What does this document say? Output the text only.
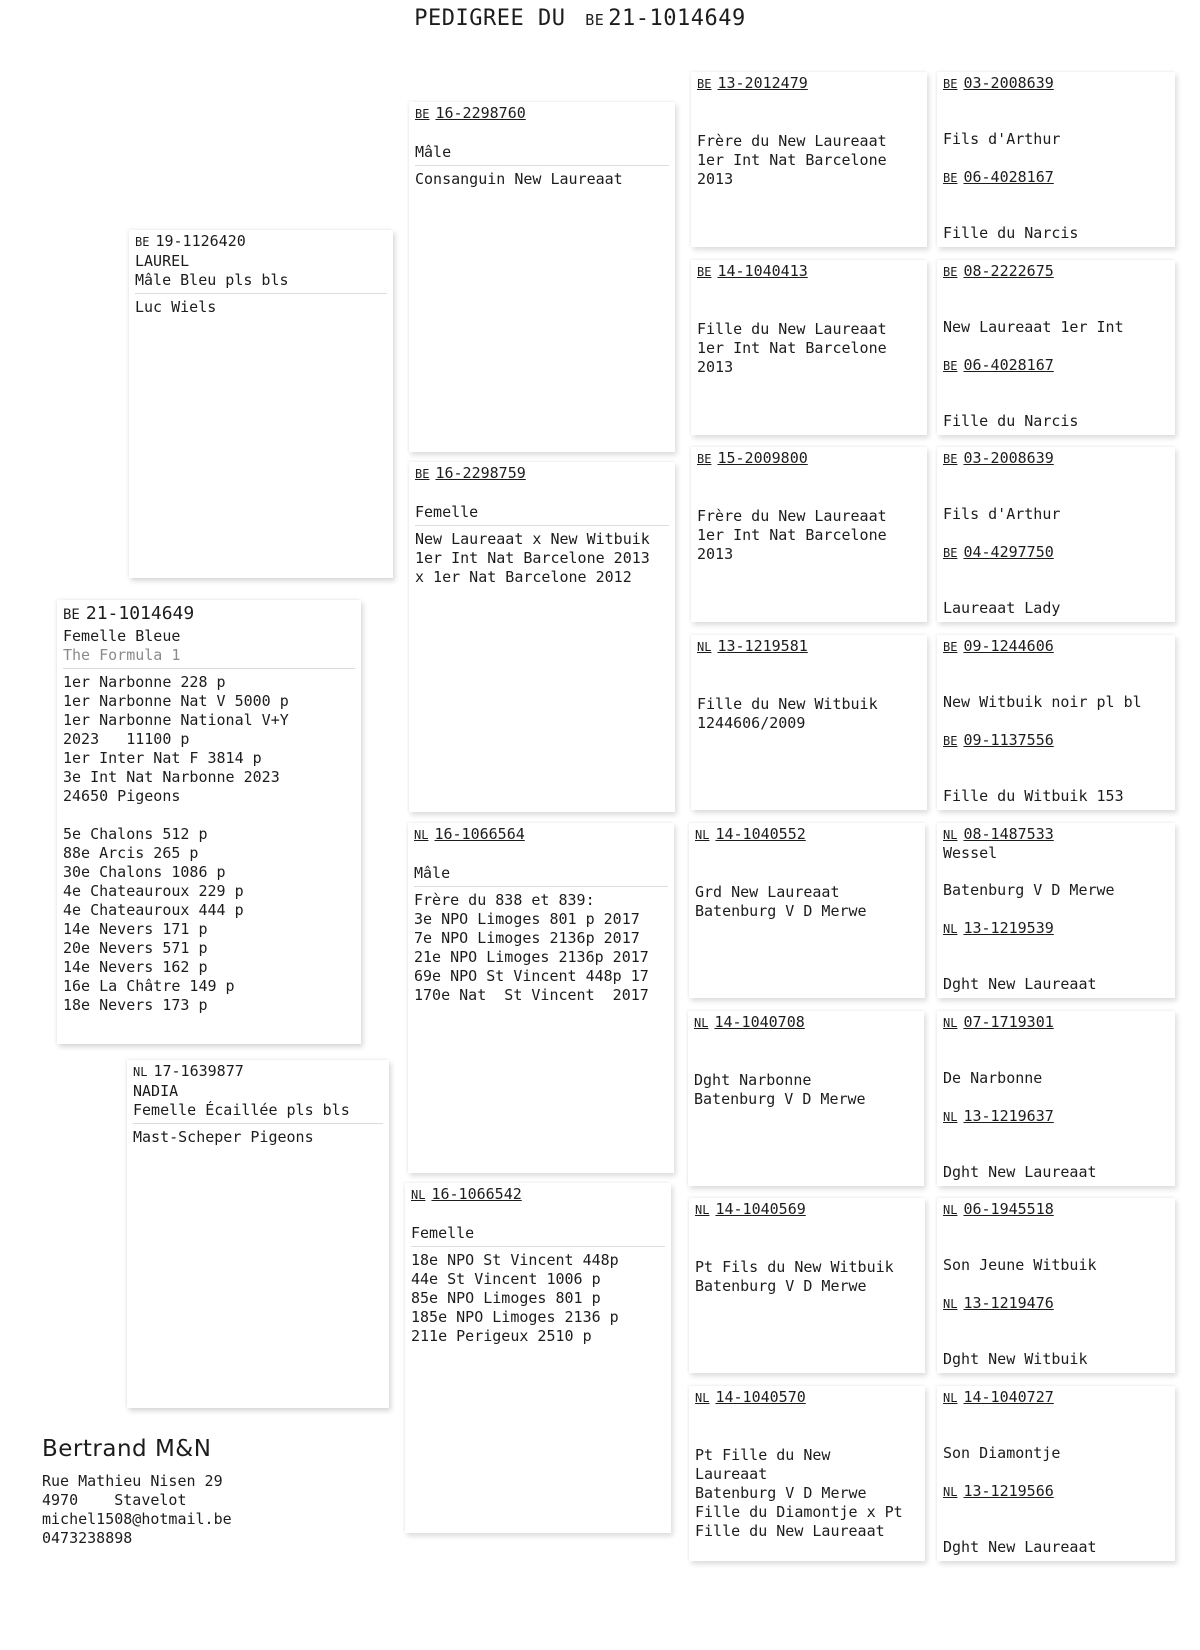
PEDIGREE DU BE 21-1014649
BE 21-1014649
Femelle Bleue
The Formula 1
1er Narbonne 228 p
1er Narbonne Nat V 5000 p
1er Narbonne National V+Y
2023   11100 p
1er Inter Nat F 3814 p
3e Int Nat Narbonne 2023
24650 Pigeons
5e Chalons 512 p
88e Arcis 265 p
30e Chalons 1086 p
4e Chateauroux 229 p
4e Chateauroux 444 p
14e Nevers 171 p
20e Nevers 571 p
14e Nevers 162 p
16e La Châtre 149 p
18e Nevers 173 p
BE 19-1126420
LAUREL
Mâle Bleu pls bls
Luc Wiels
NL 17-1639877
NADIA
Femelle Écaillée pls bls
Mast-Scheper Pigeons
BE 16-2298760
Mâle
Consanguin New Laureaat
BE 16-2298759
Femelle
New Laureaat x New Witbuik
1er Int Nat Barcelone 2013
x 1er Nat Barcelone 2012
NL 16-1066564
Mâle
Frère du 838 et 839:
3e NPO Limoges 801 p 2017
7e NPO Limoges 2136p 2017
21e NPO Limoges 2136p 2017
69e NPO St Vincent 448p 17
170e Nat  St Vincent  2017
NL 16-1066542
Femelle
18e NPO St Vincent 448p
44e St Vincent 1006 p
85e NPO Limoges 801 p
185e NPO Limoges 2136 p
211e Perigeux 2510 p
BE 13-2012479
Frère du New Laureaat
1er Int Nat Barcelone
2013
BE 14-1040413
Fille du New Laureaat
1er Int Nat Barcelone
2013
BE 15-2009800
Frère du New Laureaat
1er Int Nat Barcelone
2013
NL 13-1219581
Fille du New Witbuik
1244606/2009
NL 14-1040552
Grd New Laureaat
Batenburg V D Merwe
NL 14-1040708
Dght Narbonne
Batenburg V D Merwe
NL 14-1040569
Pt Fils du New Witbuik
Batenburg V D Merwe
NL 14-1040570
Pt Fille du New
Laureaat
Batenburg V D Merwe
Fille du Diamontje x Pt
Fille du New Laureaat
BE 03-2008639
Fils d'Arthur
BE 06-4028167
Fille du Narcis
BE 08-2222675
New Laureaat 1er Int
BE 06-4028167
Fille du Narcis
BE 03-2008639
Fils d'Arthur
BE 04-4297750
Laureaat Lady
BE 09-1244606
New Witbuik noir pl bl
BE 09-1137556
Fille du Witbuik 153
NL 08-1487533
Wessel
Batenburg V D Merwe
NL 13-1219539
Dght New Laureaat
NL 07-1719301
De Narbonne
NL 13-1219637
Dght New Laureaat
NL 06-1945518
Son Jeune Witbuik
NL 13-1219476
Dght New Witbuik
NL 14-1040727
Son Diamontje
NL 13-1219566
Dght New Laureaat
Bertrand M&N
Rue Mathieu Nisen 29
4970    Stavelot
michel1508@hotmail.be
0473238898
